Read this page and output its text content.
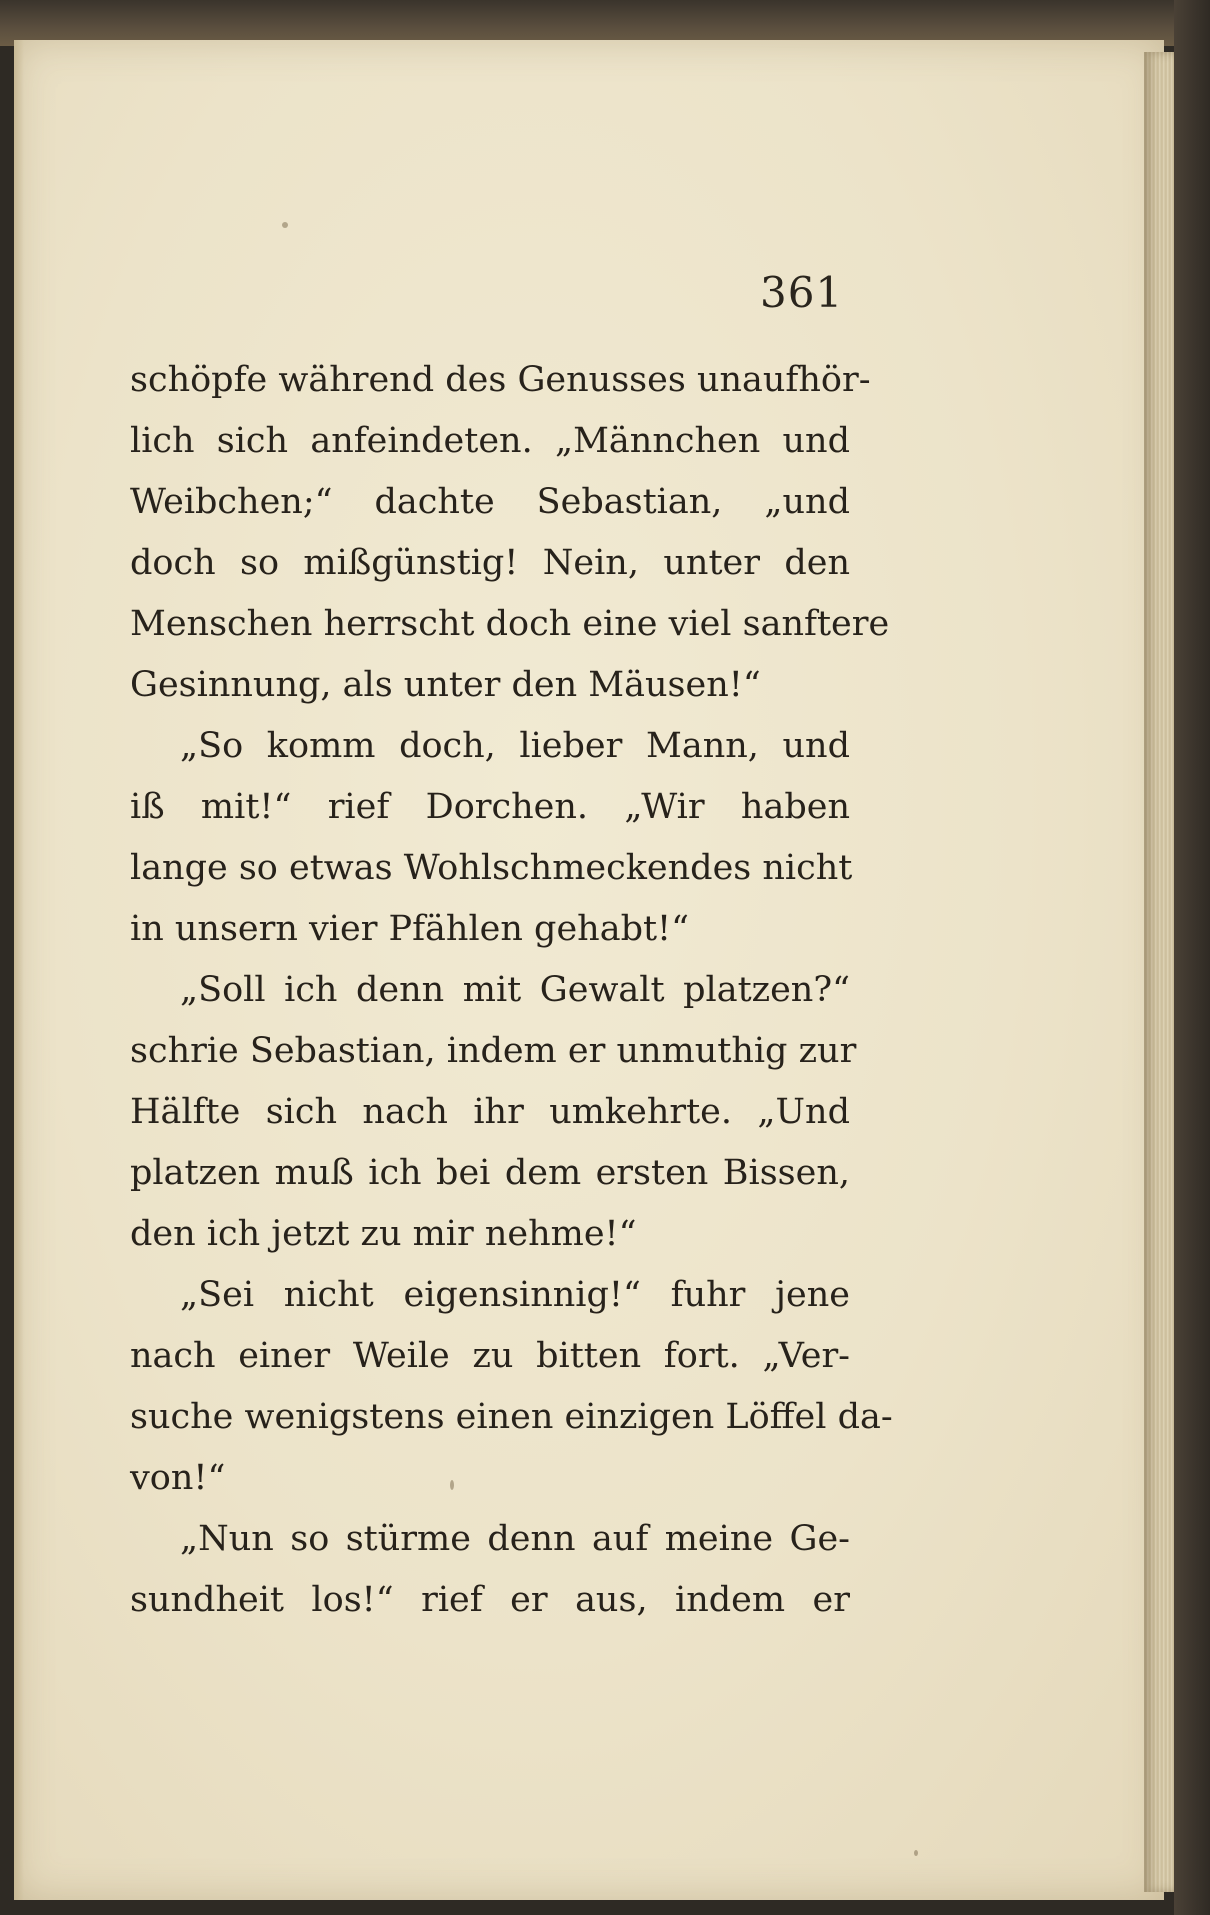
361
schöpfe während des Genusses unaufhör-
lich sich anfeindeten. „Männchen und
Weibchen;“ dachte Sebastian, „und
doch so mißgünstig! Nein, unter den
Menschen herrscht doch eine viel sanftere
Gesinnung, als unter den Mäusen!“
„So komm doch, lieber Mann, und
iß mit!“ rief Dorchen. „Wir haben
lange so etwas Wohlschmeckendes nicht
in unsern vier Pfählen gehabt!“
„Soll ich denn mit Gewalt platzen?“
schrie Sebastian, indem er unmuthig zur
Hälfte sich nach ihr umkehrte. „Und
platzen muß ich bei dem ersten Bissen,
den ich jetzt zu mir nehme!“
„Sei nicht eigensinnig!“ fuhr jene
nach einer Weile zu bitten fort. „Ver-
suche wenigstens einen einzigen Löffel da-
von!“
„Nun so stürme denn auf meine Ge-
sundheit los!“ rief er aus, indem er
